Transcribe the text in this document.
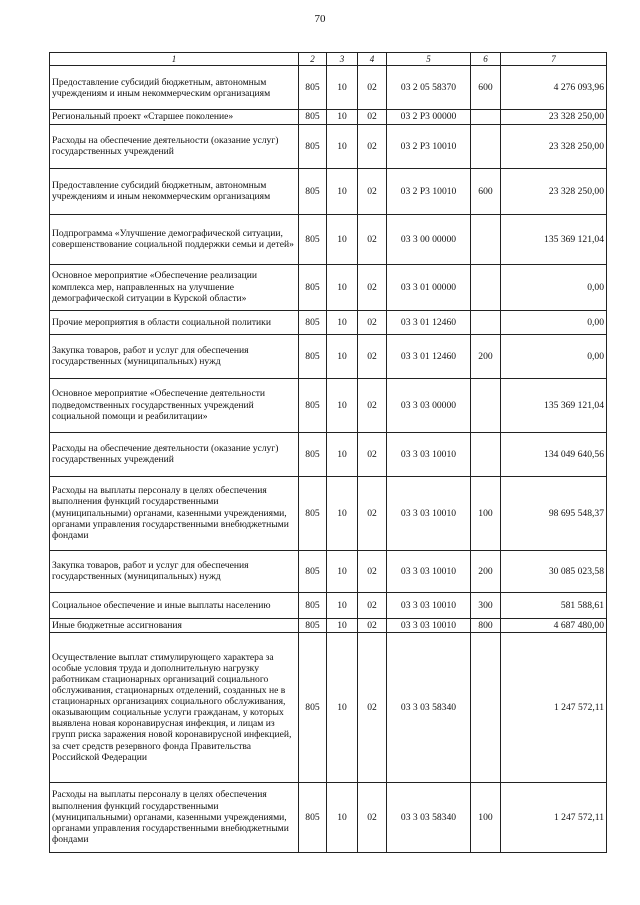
70
1	2	3	4	5	6	7
Предоставление субсидий бюджетным, автономным учреждениям и иным некоммерческим организациям	805	10	02	03 2 05 58370	600	4 276 093,96
Региональный проект «Старшее поколение»	805	10	02	03 2 P3 00000		23 328 250,00
Расходы на обеспечение деятельности (оказание услуг) государственных учреждений	805	10	02	03 2 P3 10010		23 328 250,00
Предоставление субсидий бюджетным, автономным учреждениям и иным некоммерческим организациям	805	10	02	03 2 P3 10010	600	23 328 250,00
Подпрограмма «Улучшение демографической ситуации, совершенствование социальной поддержки семьи и детей»	805	10	02	03 3 00 00000		135 369 121,04
Основное мероприятие «Обеспечение реализации комплекса мер, направленных на улучшение демографической ситуации в Курской области»	805	10	02	03 3 01 00000		0,00
Прочие мероприятия в области социальной политики	805	10	02	03 3 01 12460		0,00
Закупка товаров, работ и услуг для обеспечения государственных (муниципальных) нужд	805	10	02	03 3 01 12460	200	0,00
Основное мероприятие «Обеспечение деятельности подведомственных государственных учреждений социальной помощи и реабилитации»	805	10	02	03 3 03 00000		135 369 121,04
Расходы на обеспечение деятельности (оказание услуг) государственных учреждений	805	10	02	03 3 03 10010		134 049 640,56
Расходы на выплаты персоналу в целях обеспечения выполнения функций государственными (муниципальными) органами, казенными учреждениями, органами управления государственными внебюджетными фондами	805	10	02	03 3 03 10010	100	98 695 548,37
Закупка товаров, работ и услуг для обеспечения государственных (муниципальных) нужд	805	10	02	03 3 03 10010	200	30 085 023,58
Социальное обеспечение и иные выплаты населению	805	10	02	03 3 03 10010	300	581 588,61
Иные бюджетные ассигнования	805	10	02	03 3 03 10010	800	4 687 480,00
Осуществление выплат стимулирующего характера за особые условия труда и дополнительную нагрузку работникам стационарных организаций социального обслуживания, стационарных отделений, созданных не в стационарных организациях социального обслуживания, оказывающим социальные услуги гражданам, у которых выявлена новая коронавирусная инфекция, и лицам из групп риска заражения новой коронавирусной инфекцией, за счет средств резервного фонда Правительства Российской Федерации	805	10	02	03 3 03 58340		1 247 572,11
Расходы на выплаты персоналу в целях обеспечения выполнения функций государственными (муниципальными) органами, казенными учреждениями, органами управления государственными внебюджетными фондами	805	10	02	03 3 03 58340	100	1 247 572,11
